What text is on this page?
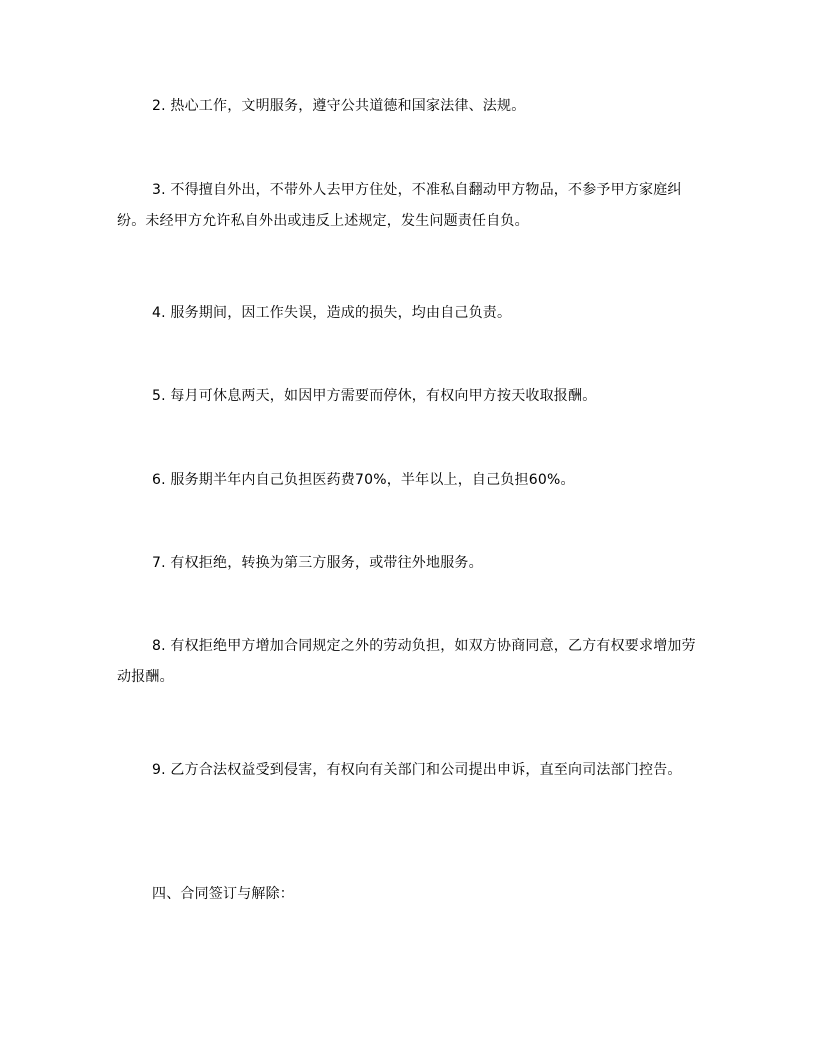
2. 热心工作，文明服务，遵守公共道德和国家法律、法规。

3. 不得擅自外出，不带外人去甲方住处，不准私自翻动甲方物品，不参予甲方家庭纠纷。未经甲方允许私自外出或违反上述规定，发生问题责任自负。

4. 服务期间，因工作失误，造成的损失，均由自己负责。

5. 每月可休息两天，如因甲方需要而停休，有权向甲方按天收取报酬。

6. 服务期半年内自己负担医药费70%，半年以上，自己负担60%。

7. 有权拒绝，转换为第三方服务，或带往外地服务。

8. 有权拒绝甲方增加合同规定之外的劳动负担，如双方协商同意，乙方有权要求增加劳动报酬。

9. 乙方合法权益受到侵害，有权向有关部门和公司提出申诉，直至向司法部门控告。

四、合同签订与解除：
